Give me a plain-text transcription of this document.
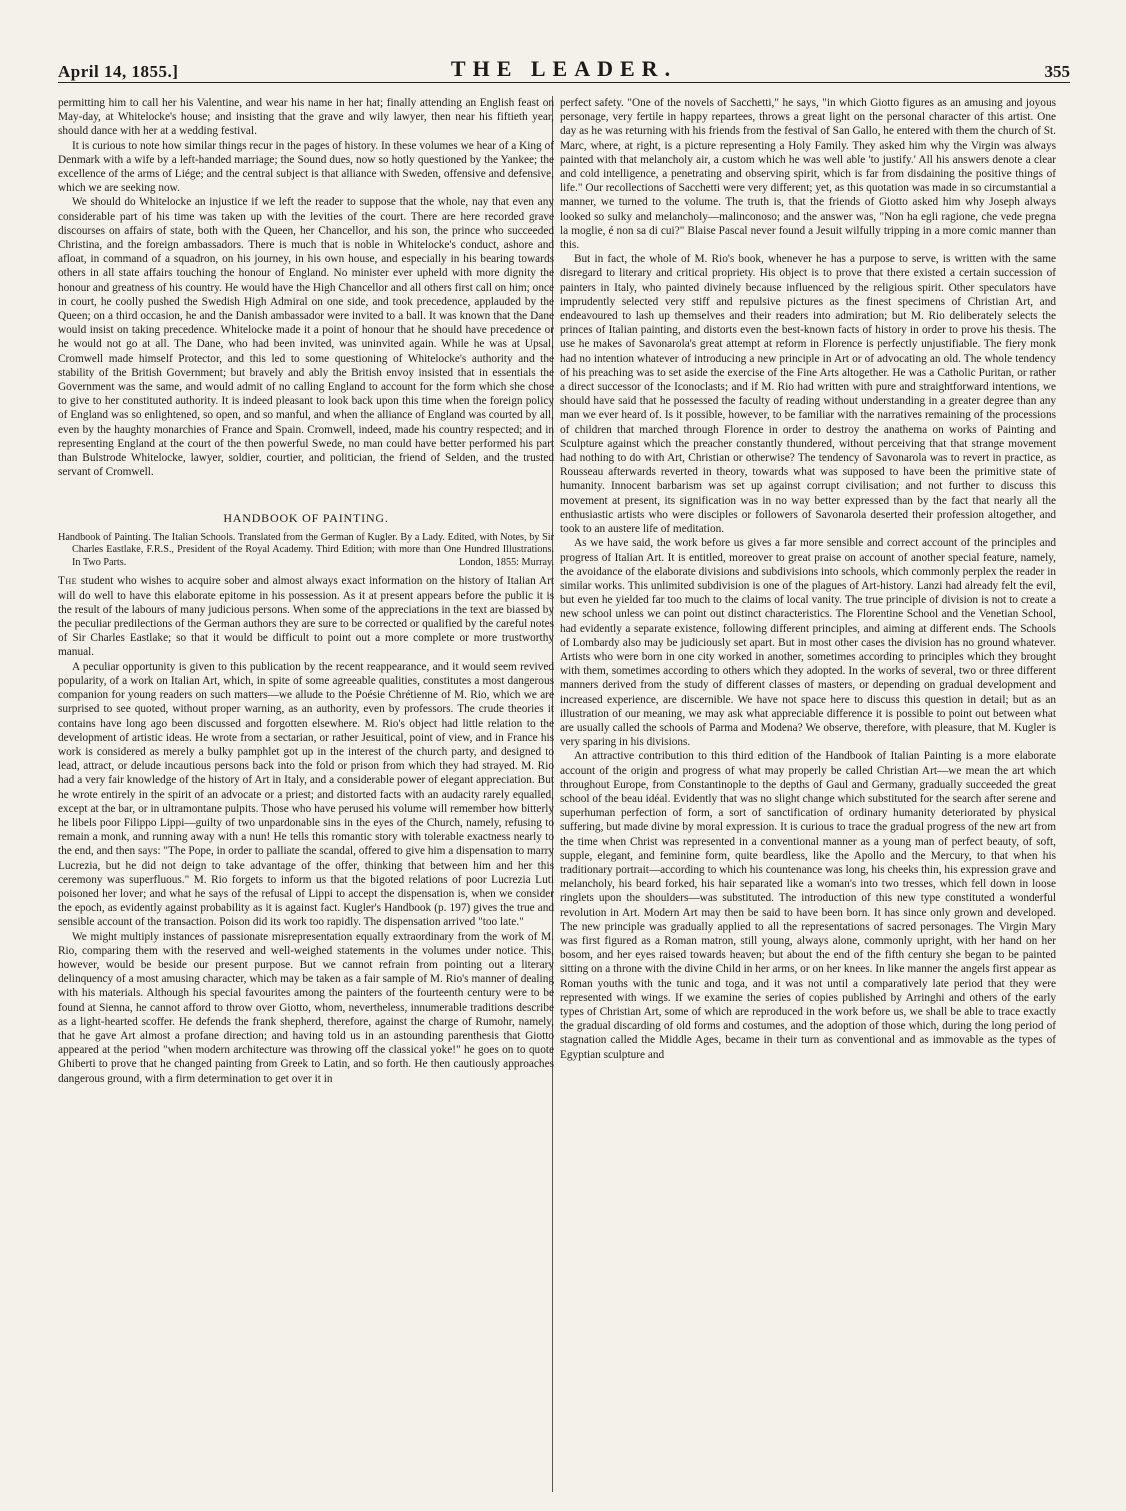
April 14, 1855.]	THE LEADER.	355

permitting him to call her his Valentine, and wear his name in her hat; finally attending an English feast on May-day, at Whitelocke's house; and insisting that the grave and wily lawyer, then near his fiftieth year, should dance with her at a wedding festival.

It is curious to note how similar things recur in the pages of history. In these volumes we hear of a King of Denmark with a wife by a left-handed marriage; the Sound dues, now so hotly questioned by the Yankee; the excellence of the arms of Liége; and the central subject is that alliance with Sweden, offensive and defensive, which we are seeking now.

We should do Whitelocke an injustice if we left the reader to suppose that the whole, nay that even any considerable part of his time was taken up with the levities of the court. There are here recorded grave discourses on affairs of state, both with the Queen, her Chancellor, and his son, the prince who succeeded Christina, and the foreign ambassadors. There is much that is noble in Whitelocke's conduct, ashore and afloat, in command of a squadron, on his journey, in his own house, and especially in his bearing towards others in all state affairs touching the honour of England. No minister ever upheld with more dignity the honour and greatness of his country. He would have the High Chancellor and all others first call on him; once in court, he coolly pushed the Swedish High Admiral on one side, and took precedence, applauded by the Queen; on a third occasion, he and the Danish ambassador were invited to a ball. It was known that the Dane would insist on taking precedence. Whitelocke made it a point of honour that he should have precedence or he would not go at all. The Dane, who had been invited, was uninvited again. While he was at Upsal, Cromwell made himself Protector, and this led to some questioning of Whitelocke's authority and the stability of the British Government; but bravely and ably the British envoy insisted that in essentials the Government was the same, and would admit of no calling England to account for the form which she chose to give to her constituted authority. It is indeed pleasant to look back upon this time when the foreign policy of England was so enlightened, so open, and so manful, and when the alliance of England was courted by all, even by the haughty monarchies of France and Spain. Cromwell, indeed, made his country respected; and in representing England at the court of the then powerful Swede, no man could have better performed his part than Bulstrode Whitelocke, lawyer, soldier, courtier, and politician, the friend of Selden, and the trusted servant of Cromwell.

HANDBOOK OF PAINTING.
Handbook of Painting. The Italian Schools. Translated from the German of Kugler. By a Lady. Edited, with Notes, by Sir Charles Eastlake, F.R.S., President of the Royal Academy. Third Edition; with more than One Hundred Illustrations. In Two Parts.	London, 1855: Murray.

The student who wishes to acquire sober and almost always exact information on the history of Italian Art will do well to have this elaborate epitome in his possession. As it at present appears before the public it is the result of the labours of many judicious persons. When some of the appreciations in the text are biassed by the peculiar predilections of the German authors they are sure to be corrected or qualified by the careful notes of Sir Charles Eastlake; so that it would be difficult to point out a more complete or more trustworthy manual.

A peculiar opportunity is given to this publication by the recent reappearance, and it would seem revived popularity, of a work on Italian Art, which, in spite of some agreeable qualities, constitutes a most dangerous companion for young readers on such matters—we allude to the Poésie Chrétienne of M. Rio, which we are surprised to see quoted, without proper warning, as an authority, even by professors. The crude theories it contains have long ago been discussed and forgotten elsewhere. M. Rio's object had little relation to the development of artistic ideas. He wrote from a sectarian, or rather Jesuitical, point of view, and in France his work is considered as merely a bulky pamphlet got up in the interest of the church party, and designed to lead, attract, or delude incautious persons back into the fold or prison from which they had strayed. M. Rio had a very fair knowledge of the history of Art in Italy, and a considerable power of elegant appreciation. But he wrote entirely in the spirit of an advocate or a priest; and distorted facts with an audacity rarely equalled, except at the bar, or in ultramontane pulpits. Those who have perused his volume will remember how bitterly he libels poor Filippo Lippi—guilty of two unpardonable sins in the eyes of the Church, namely, refusing to remain a monk, and running away with a nun! He tells this romantic story with tolerable exactness nearly to the end, and then says: "The Pope, in order to palliate the scandal, offered to give him a dispensation to marry Lucrezia, but he did not deign to take advantage of the offer, thinking that between him and her this ceremony was superfluous." M. Rio forgets to inform us that the bigoted relations of poor Lucrezia Luti poisoned her lover; and what he says of the refusal of Lippi to accept the dispensation is, when we consider the epoch, as evidently against probability as it is against fact. Kugler's Handbook (p. 197) gives the true and sensible account of the transaction. Poison did its work too rapidly. The dispensation arrived "too late."

We might multiply instances of passionate misrepresentation equally extraordinary from the work of M. Rio, comparing them with the reserved and well-weighed statements in the volumes under notice. This, however, would be beside our present purpose. But we cannot refrain from pointing out a literary delinquency of a most amusing character, which may be taken as a fair sample of M. Rio's manner of dealing with his materials. Although his special favourites among the painters of the fourteenth century were to be found at Sienna, he cannot afford to throw over Giotto, whom, nevertheless, innumerable traditions describe as a light-hearted scoffer. He defends the frank shepherd, therefore, against the charge of Rumohr, namely, that he gave Art almost a profane direction; and having told us in an astounding parenthesis that Giotto appeared at the period "when modern architecture was throwing off the classical yoke!" he goes on to quote Ghiberti to prove that he changed painting from Greek to Latin, and so forth. He then cautiously approaches dangerous ground, with a firm determination to get over it in

perfect safety. "One of the novels of Sacchetti," he says, "in which Giotto figures as an amusing and joyous personage, very fertile in happy repartees, throws a great light on the personal character of this artist. One day as he was returning with his friends from the festival of San Gallo, he entered with them the church of St. Marc, where, at right, is a picture representing a Holy Family. They asked him why the Virgin was always painted with that melancholy air, a custom which he was well able 'to justify.' All his answers denote a clear and cold intelligence, a penetrating and observing spirit, which is far from disdaining the positive things of life." Our recollections of Sacchetti were very different; yet, as this quotation was made in so circumstantial a manner, we turned to the volume. The truth is, that the friends of Giotto asked him why Joseph always looked so sulky and melancholy—malinconoso; and the answer was, "Non ha egli ragione, che vede pregna la moglie, é non sa di cui?" Blaise Pascal never found a Jesuit wilfully tripping in a more comic manner than this.

But in fact, the whole of M. Rio's book, whenever he has a purpose to serve, is written with the same disregard to literary and critical propriety. His object is to prove that there existed a certain succession of painters in Italy, who painted divinely because influenced by the religious spirit. Other speculators have imprudently selected very stiff and repulsive pictures as the finest specimens of Christian Art, and endeavoured to lash up themselves and their readers into admiration; but M. Rio deliberately selects the princes of Italian painting, and distorts even the best-known facts of history in order to prove his thesis. The use he makes of Savonarola's great attempt at reform in Florence is perfectly unjustifiable. The fiery monk had no intention whatever of introducing a new principle in Art or of advocating an old. The whole tendency of his preaching was to set aside the exercise of the Fine Arts altogether. He was a Catholic Puritan, or rather a direct successor of the Iconoclasts; and if M. Rio had written with pure and straightforward intentions, we should have said that he possessed the faculty of reading without understanding in a greater degree than any man we ever heard of. Is it possible, however, to be familiar with the narratives remaining of the processions of children that marched through Florence in order to destroy the anathema on works of Painting and Sculpture against which the preacher constantly thundered, without perceiving that that strange movement had nothing to do with Art, Christian or otherwise? The tendency of Savonarola was to revert in practice, as Rousseau afterwards reverted in theory, towards what was supposed to have been the primitive state of humanity. Innocent barbarism was set up against corrupt civilisation; and not further to discuss this movement at present, its signification was in no way better expressed than by the fact that nearly all the enthusiastic artists who were disciples or followers of Savonarola deserted their profession altogether, and took to an austere life of meditation.

As we have said, the work before us gives a far more sensible and correct account of the principles and progress of Italian Art. It is entitled, moreover to great praise on account of another special feature, namely, the avoidance of the elaborate divisions and subdivisions into schools, which commonly perplex the reader in similar works. This unlimited subdivision is one of the plagues of Art-history. Lanzi had already felt the evil, but even he yielded far too much to the claims of local vanity. The true principle of division is not to create a new school unless we can point out distinct characteristics. The Florentine School and the Venetian School, had evidently a separate existence, following different principles, and aiming at different ends. The Schools of Lombardy also may be judiciously set apart. But in most other cases the division has no ground whatever. Artists who were born in one city worked in another, sometimes according to principles which they brought with them, sometimes according to others which they adopted. In the works of several, two or three different manners derived from the study of different classes of masters, or depending on gradual development and increased experience, are discernible. We have not space here to discuss this question in detail; but as an illustration of our meaning, we may ask what appreciable difference it is possible to point out between what are usually called the schools of Parma and Modena? We observe, therefore, with pleasure, that M. Kugler is very sparing in his divisions.

An attractive contribution to this third edition of the Handbook of Italian Painting is a more elaborate account of the origin and progress of what may properly be called Christian Art—we mean the art which throughout Europe, from Constantinople to the depths of Gaul and Germany, gradually succeeded the great school of the beau idéal. Evidently that was no slight change which substituted for the search after serene and superhuman perfection of form, a sort of sanctification of ordinary humanity deteriorated by physical suffering, but made divine by moral expression. It is curious to trace the gradual progress of the new art from the time when Christ was represented in a conventional manner as a young man of perfect beauty, of soft, supple, elegant, and feminine form, quite beardless, like the Apollo and the Mercury, to that when his traditionary portrait—according to which his countenance was long, his cheeks thin, his expression grave and melancholy, his beard forked, his hair separated like a woman's into two tresses, which fell down in loose ringlets upon the shoulders—was substituted. The introduction of this new type constituted a wonderful revolution in Art. Modern Art may then be said to have been born. It has since only grown and developed. The new principle was gradually applied to all the representations of sacred personages. The Virgin Mary was first figured as a Roman matron, still young, always alone, commonly upright, with her hand on her bosom, and her eyes raised towards heaven; but about the end of the fifth century she began to be painted sitting on a throne with the divine Child in her arms, or on her knees. In like manner the angels first appear as Roman youths with the tunic and toga, and it was not until a comparatively late period that they were represented with wings. If we examine the series of copies published by Arringhi and others of the early types of Christian Art, some of which are reproduced in the work before us, we shall be able to trace exactly the gradual discarding of old forms and costumes, and the adoption of those which, during the long period of stagnation called the Middle Ages, became in their turn as conventional and as immovable as the types of Egyptian sculpture and
